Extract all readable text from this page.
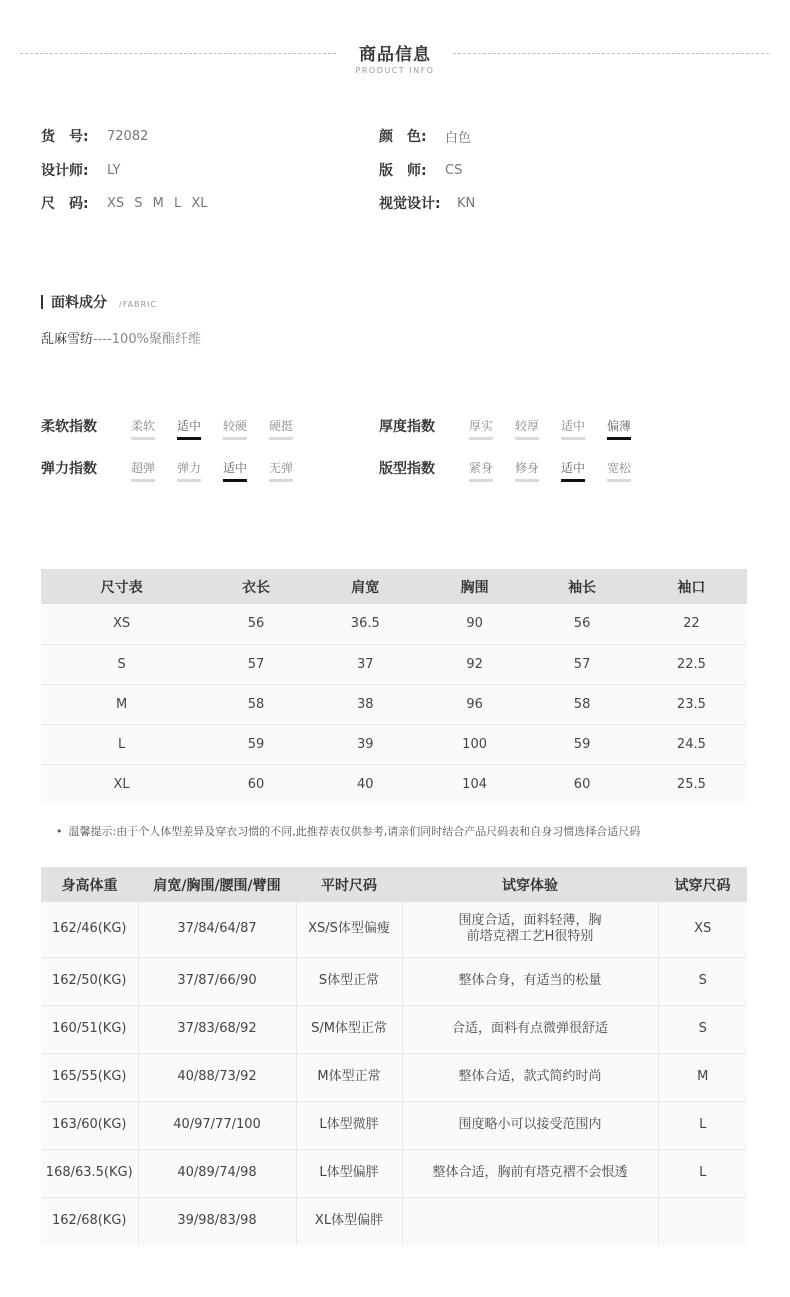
商品信息
PRODUCT INFO
货　号:	72082	颜　色:	白色
设计师:	LY	版　师:	CS
尺　码:	XS S M L XL	视觉设计:	KN
面料成分 /FABRIC
乱麻雪纺----100%聚酯纤维
柔软指数	柔软 适中 较硬 硬挺	厚度指数	厚实 较厚 适中 偏薄
弹力指数	超弹 弹力 适中 无弹	版型指数	紧身 修身 适中 宽松
尺寸表	衣长	肩宽	胸围	袖长	袖口
XS	56	36.5	90	56	22
S	57	37	92	57	22.5
M	58	38	96	58	23.5
L	59	39	100	59	24.5
XL	60	40	104	60	25.5
• 温馨提示:由于个人体型差异及穿衣习惯的不同,此推荐表仅供参考,请亲们同时结合产品尺码表和自身习惯选择合适尺码
身高体重	肩宽/胸围/腰围/臂围	平时尺码	试穿体验	试穿尺码
162/46(KG)	37/84/64/87	XS/S体型偏瘦	围度合适，面料轻薄，胸
前塔克褶工艺H很特别	XS
162/50(KG)	37/87/66/90	S体型正常	整体合身，有适当的松量	S
160/51(KG)	37/83/68/92	S/M体型正常	合适，面料有点微弹很舒适	S
165/55(KG)	40/88/73/92	M体型正常	整体合适，款式简约时尚	M
163/60(KG)	40/97/77/100	L体型微胖	围度略小可以接受范围内	L
168/63.5(KG)	40/89/74/98	L体型偏胖	整体合适，胸前有塔克褶不会恨透	L
162/68(KG)	39/98/83/98	XL体型偏胖		
